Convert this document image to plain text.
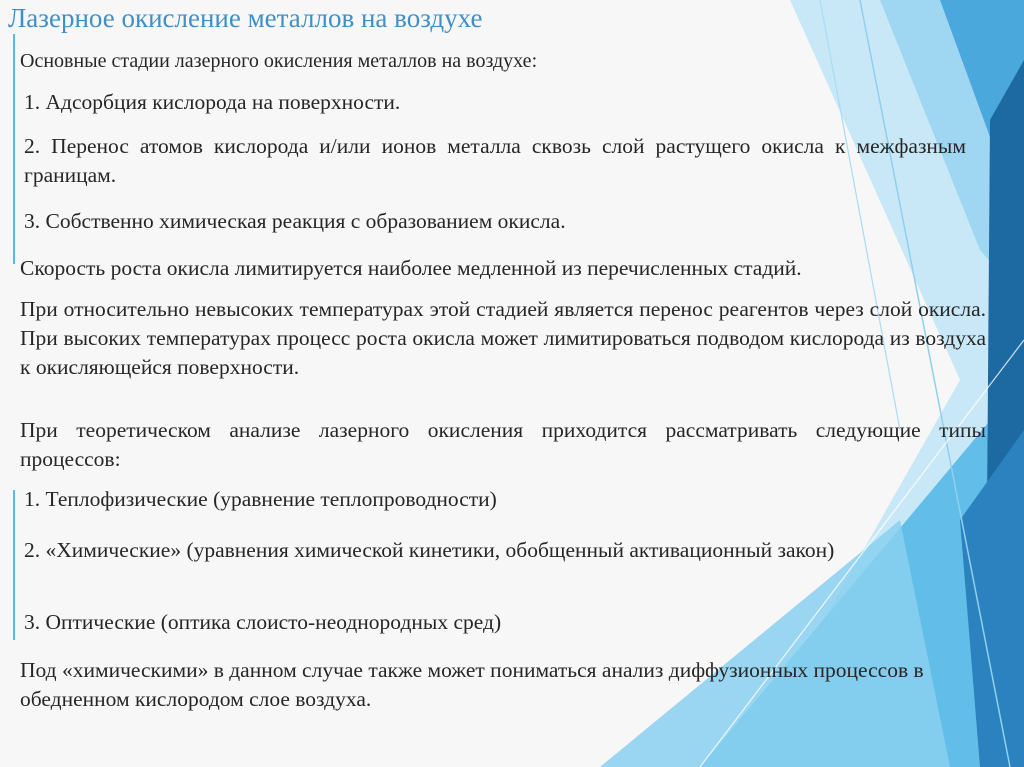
Лазерное окисление металлов на воздухе

Основные стадии лазерного окисления металлов на воздухе:

1. Адсорбция кислорода на поверхности.

2. Перенос атомов кислорода и/или ионов металла сквозь слой растущего окисла к межфазным границам.

3. Собственно химическая реакция с образованием окисла.

Скорость роста окисла лимитируется наиболее медленной из перечисленных стадий.

При относительно невысоких температурах этой стадией является перенос реагентов через слой окисла. При высоких температурах процесс роста окисла может лимитироваться подводом кислорода из воздуха к окисляющейся поверхности.

При теоретическом анализе лазерного окисления приходится рассматривать следующие типы процессов:

1. Теплофизические (уравнение теплопроводности)

2. «Химические» (уравнения химической кинетики, обобщенный активационный закон)

3. Оптические (оптика слоисто-неоднородных сред)

Под «химическими» в данном случае также может пониматься анализ диффузионных процессов в обедненном кислородом слое воздуха.
